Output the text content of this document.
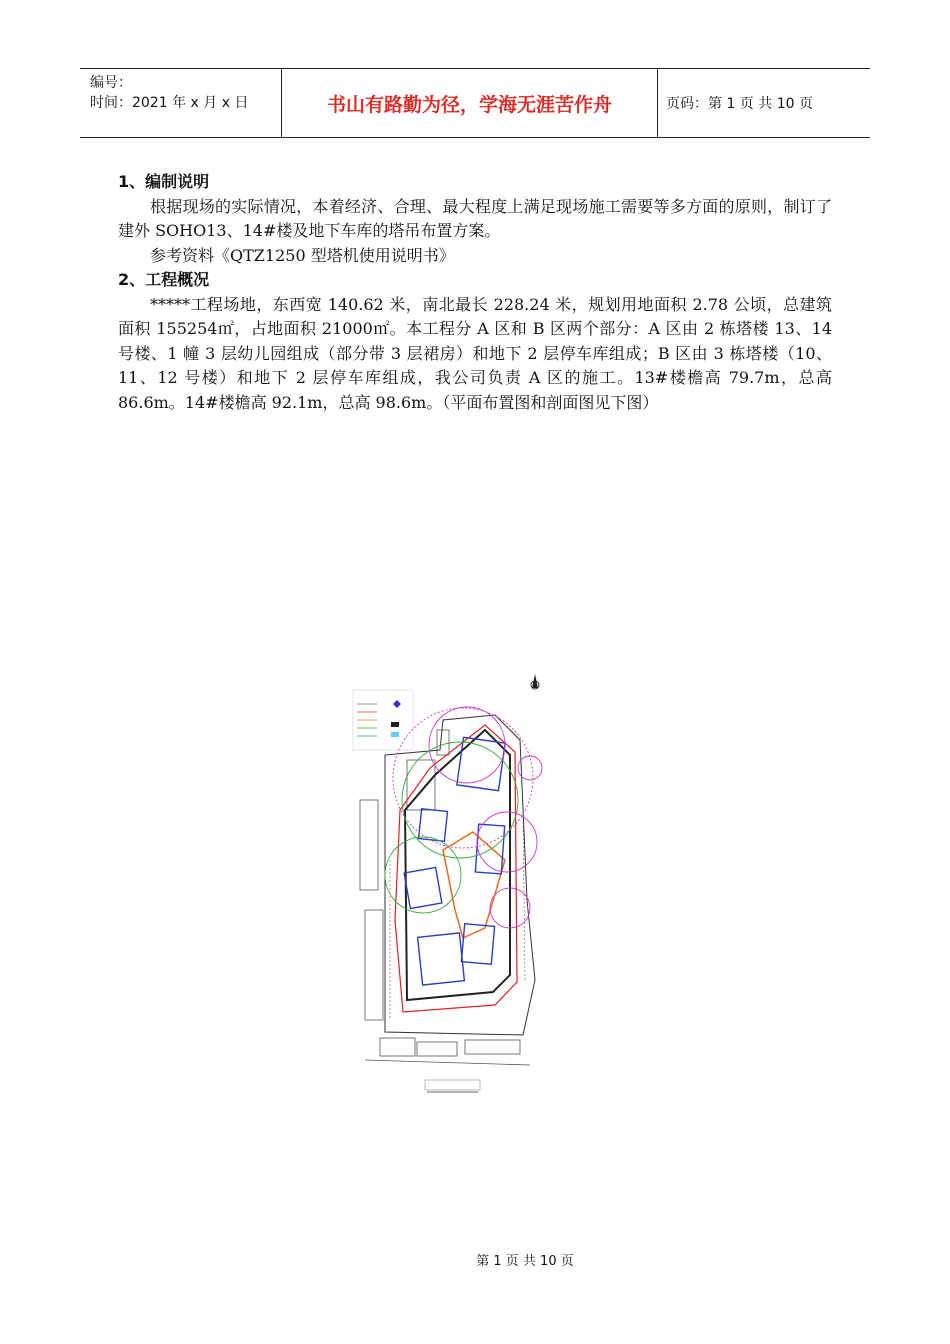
编号：
时间：2021 年 x 月 x 日	书山有路勤为径，学海无涯苦作舟	页码：第 1 页 共 10 页
1、编制说明

根据现场的实际情况，本着经济、合理、最大程度上满足现场施工需要等多方面的原则，制订了建外 SOHO13、14#楼及地下车库的塔吊布置方案。

参考资料《QTZ1250 型塔机使用说明书》

2、工程概况

*****工程场地，东西宽 140.62 米，南北最长 228.24 米，规划用地面积 2.78 公顷，总建筑面积 155254㎡，占地面积 21000㎡。本工程分 A 区和 B 区两个部分：A 区由 2 栋塔楼 13、14 号楼、1 幢 3 层幼儿园组成（部分带 3 层裙房）和地下 2 层停车库组成；B 区由 3 栋塔楼（10、11、12 号楼）和地下 2 层停车库组成，我公司负责 A 区的施工。13#楼檐高 79.7m，总高 86.6m。14#楼檐高 92.1m，总高 98.6m。（平面布置图和剖面图见下图）

第 1 页 共 10 页
